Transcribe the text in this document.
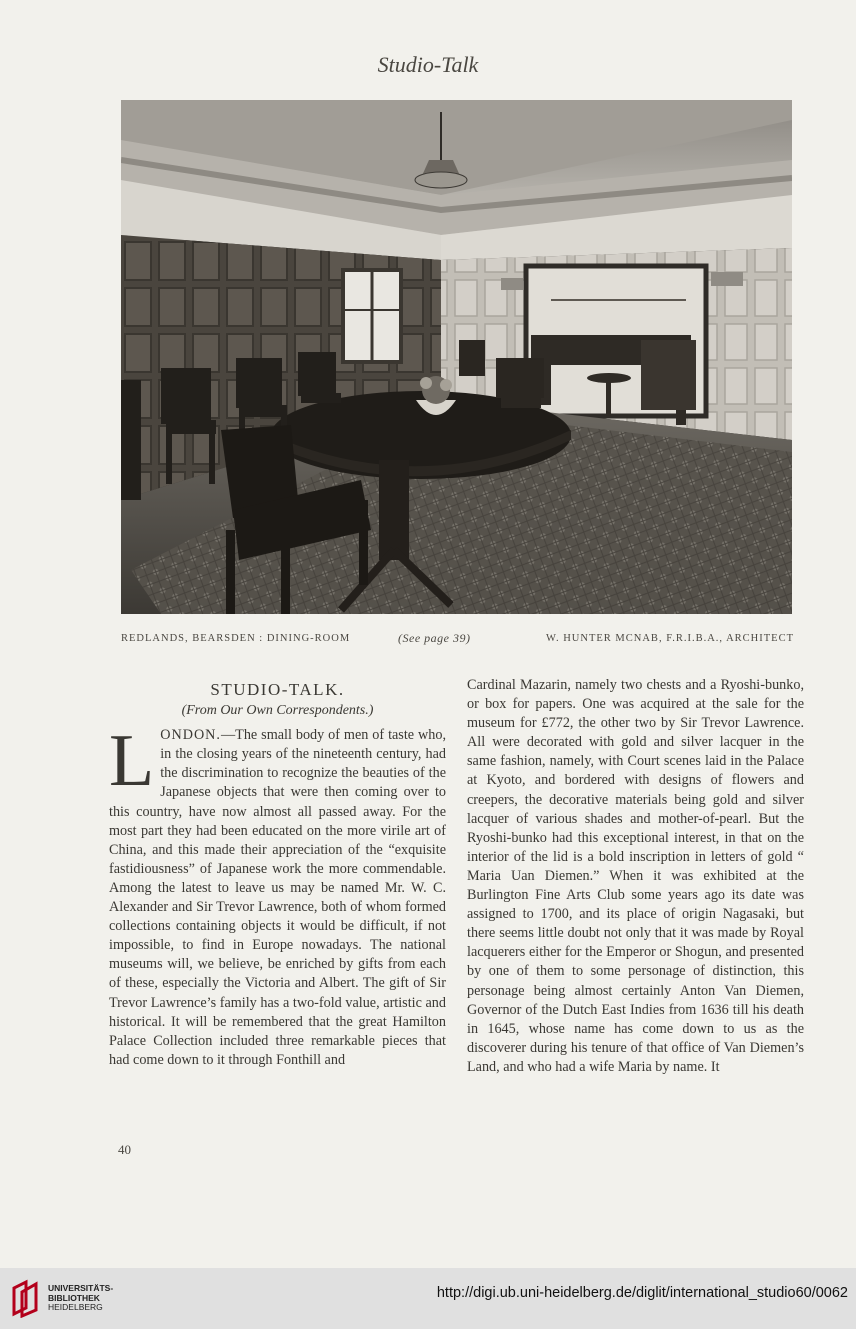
Studio-Talk
REDLANDS, BEARSDEN : DINING-ROOM	(See page 39)	W. HUNTER MCNAB, F.R.I.B.A., ARCHITECT
STUDIO-TALK.
(From Our Own Correspondents.)

LONDON.—The small body of men of taste who, in the closing years of the nineteenth century, had the discrimination to recognize the beauties of the Japanese objects that were then coming over to this country, have now almost all passed away. For the most part they had been educated on the more virile art of China, and this made their appreciation of the “exquisite fastidiousness” of Japanese work the more commendable. Among the latest to leave us may be named Mr. W. C. Alexander and Sir Trevor Lawrence, both of whom formed collections containing objects it would be difficult, if not impossible, to find in Europe nowadays. The national museums will, we believe, be enriched by gifts from each of these, especially the Victoria and Albert. The gift of Sir Trevor Lawrence’s family has a two-fold value, artistic and historical. It will be remembered that the great Hamilton Palace Collection included three remarkable pieces that had come down to it through Fonthill and

Cardinal Mazarin, namely two chests and a Ryoshi-bunko, or box for papers. One was acquired at the sale for the museum for £772, the other two by Sir Trevor Lawrence. All were decorated with gold and silver lacquer in the same fashion, namely, with Court scenes laid in the Palace at Kyoto, and bordered with designs of flowers and creepers, the decorative materials being gold and silver lacquer of various shades and mother-of-pearl. But the Ryoshi-bunko had this exceptional interest, in that on the interior of the lid is a bold inscription in letters of gold “ Maria Uan Diemen.” When it was exhibited at the Burlington Fine Arts Club some years ago its date was assigned to 1700, and its place of origin Nagasaki, but there seems little doubt not only that it was made by Royal lacquerers either for the Emperor or Shogun, and presented by one of them to some personage of distinction, this personage being almost certainly Anton Van Diemen, Governor of the Dutch East Indies from 1636 till his death in 1645, whose name has come down to us as the discoverer during his tenure of that office of Van Diemen’s Land, and who had a wife Maria by name. It

40
UNIVERSITÄTS-
BIBLIOTHEK
HEIDELBERG
http://digi.ub.uni-heidelberg.de/diglit/international_studio60/0062
